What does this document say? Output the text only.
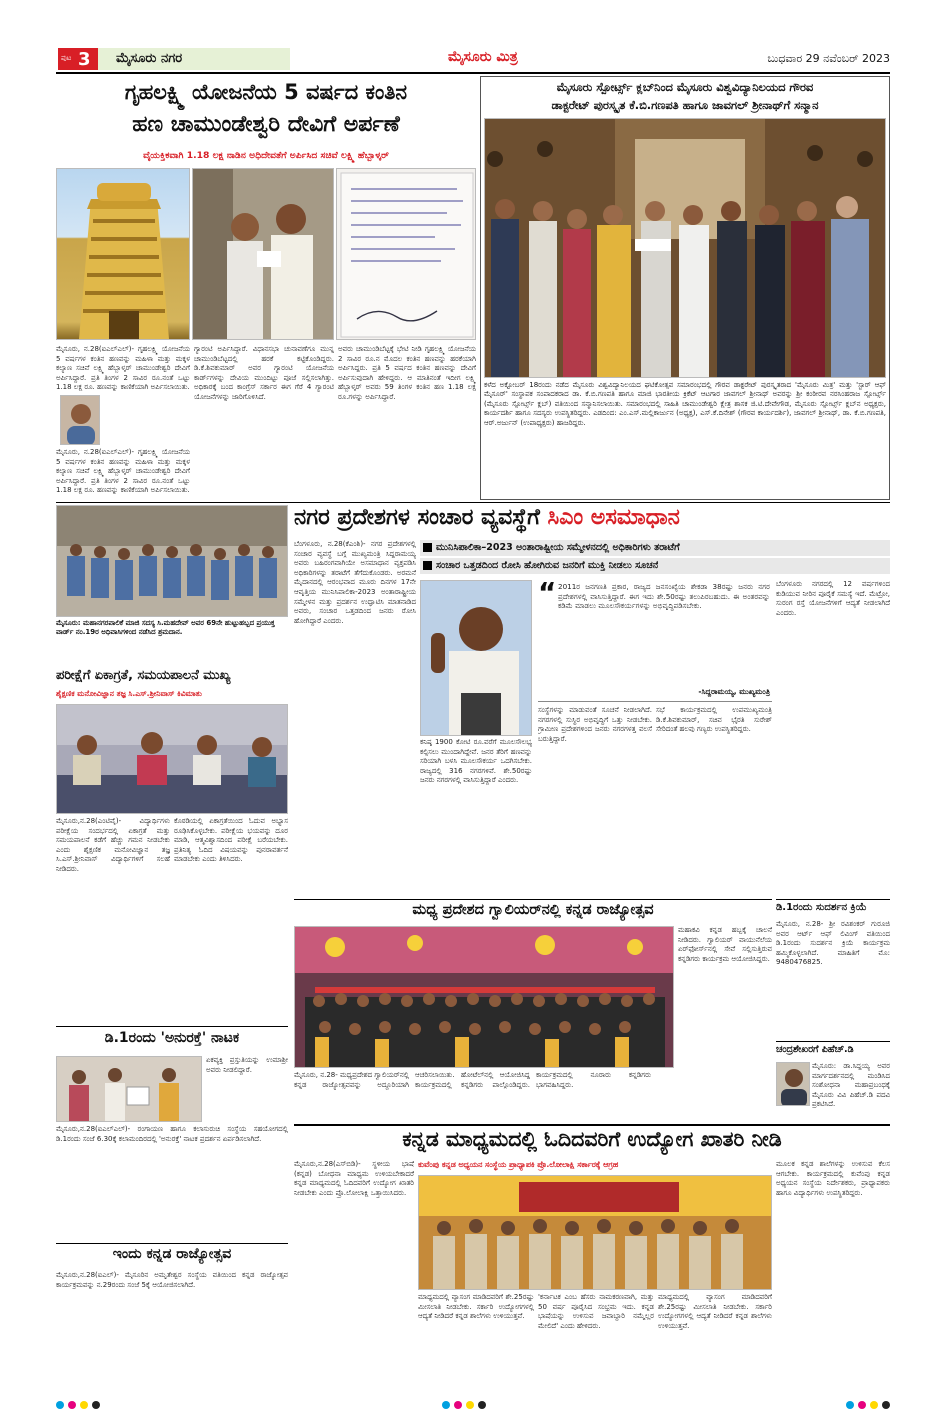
ಪುಟ 3 ಮೈಸೂರು ನಗರ	ಮೈಸೂರು ಮಿತ್ರ	ಬುಧವಾರ 29 ನವೆಂಬರ್ 2023
ಗೃಹಲಕ್ಷ್ಮಿ ಯೋಜನೆಯ 5 ವರ್ಷದ ಕಂತಿನ
ಹಣ ಚಾಮುಂಡೇಶ್ವರಿ ದೇವಿಗೆ ಅರ್ಪಣೆ
ವೈಯಕ್ತಿಕವಾಗಿ 1.18 ಲಕ್ಷ ನಾಡಿನ ಅಧಿದೇವತೆಗೆ ಅರ್ಪಿಸಿದ ಸಚಿವೆ ಲಕ್ಷ್ಮಿ ಹೆಬ್ಬಾಳ್ಕರ್
ಮೈಸೂರು, ನ.28(ಐಎಲ್‌ಎಲ್)- ಗೃಹಲಕ್ಷ್ಮಿ ಯೋಜನೆಯ 5 ವರ್ಷಗಳ ಕಂತಿನ ಹಣವನ್ನು ಮಹಿಳಾ ಮತ್ತು ಮಕ್ಕಳ ಕಲ್ಯಾಣ ಸಚಿವೆ ಲಕ್ಷ್ಮಿ ಹೆಬ್ಬಾಳ್ಕರ್ ಚಾಮುಂಡೇಶ್ವರಿ ದೇವಿಗೆ ಅರ್ಪಿಸಿದ್ದಾರೆ. ಪ್ರತಿ ತಿಂಗಳ 2 ಸಾವಿರ ರೂ.ನಂತೆ ಒಟ್ಟು 1.18 ಲಕ್ಷ ರೂ. ಹಣವನ್ನು ಕಾಣಿಕೆಯಾಗಿ ಅರ್ಪಿಸಲಾಯಿತು.
ಮೈಸೂರು, ನ.28(ಐಎಲ್‌ಎಲ್)- ಗೃಹಲಕ್ಷ್ಮಿ ಯೋಜನೆಯ 5 ವರ್ಷಗಳ ಕಂತಿನ ಹಣವನ್ನು ಮಹಿಳಾ ಮತ್ತು ಮಕ್ಕಳ ಕಲ್ಯಾಣ ಸಚಿವೆ ಲಕ್ಷ್ಮಿ ಹೆಬ್ಬಾಳ್ಕರ್ ಚಾಮುಂಡೇಶ್ವರಿ ದೇವಿಗೆ ಅರ್ಪಿಸಿದ್ದಾರೆ. ಪ್ರತಿ ತಿಂಗಳ 2 ಸಾವಿರ ರೂ.ನಂತೆ ಒಟ್ಟು 1.18 ಲಕ್ಷ ರೂ. ಹಣವನ್ನು ಕಾಣಿಕೆಯಾಗಿ ಅರ್ಪಿಸಲಾಯಿತು.
ಗ್ಯಾರಂಟಿ ಅರ್ಪಿಸಿದ್ದಾರೆ. ವಿಧಾನಸಭಾ ಚುನಾವಣೆಗೂ ಮುನ್ನ ಚಾಮುಂಡಿಬೆಟ್ಟದಲ್ಲಿ ಹರಕೆ ಕಟ್ಟಿಕೊಂಡಿದ್ದರು. ಡಿ.ಕೆ.ಶಿವಕುಮಾರ್ ಅವರ ಗ್ಯಾರಂಟಿ ಯೋಜನೆಯ ಕಾರ್ಡ್‌ಗಳನ್ನು ದೇವಿಯ ಮುಂದಿಟ್ಟು ಪೂಜೆ ಸಲ್ಲಿಸಲಾಗಿತ್ತು. ಅಧಿಕಾರಕ್ಕೆ ಬಂದ ಕಾಂಗ್ರೆಸ್ ಸರ್ಕಾರ ಈಗ ಗೆರೆ 4 ಗ್ಯಾರಂಟಿ ಯೋಜನೆಗಳನ್ನು ಜಾರಿಗೊಳಿಸಿದೆ.
ಅವರು ಚಾಮುಂಡಿಬೆಟ್ಟಕ್ಕೆ ಭೇಟಿ ನೀಡಿ ಗೃಹಲಕ್ಷ್ಮಿ ಯೋಜನೆಯ 2 ಸಾವಿರ ರೂ.ನ ಮೊದಲ ಕಂತಿನ ಹಣವನ್ನು ಹರಕೆಯಾಗಿ ಅರ್ಪಿಸಿದ್ದರು. ಪ್ರತಿ 5 ವರ್ಷದ ಕಂತಿನ ಹಣವನ್ನು ದೇವಿಗೆ ಅರ್ಪಿಸುವುದಾಗಿ ಹೇಳಿದ್ದರು. ಆ ಮಾತಿನಂತೆ ಇದೀಗ ಲಕ್ಷ್ಮಿ ಹೆಬ್ಬಾಳ್ಕರ್ ಅವರು 59 ತಿಂಗಳ ಕಂತಿನ ಹಣ 1.18 ಲಕ್ಷ ರೂ.ಗಳನ್ನು ಅರ್ಪಿಸಿದ್ದಾರೆ.
ಮೈಸೂರು ಸ್ಪೋರ್ಟ್ಸ್ ಕ್ಲಬ್‌ನಿಂದ ಮೈಸೂರು ವಿಶ್ವವಿದ್ಯಾನಿಲಯದ ಗೌರವ
ಡಾಕ್ಟರೇಟ್ ಪುರಸ್ಕೃತ ಕೆ.ಬಿ.ಗಣಪತಿ ಹಾಗೂ ಜಾವಗಲ್ ಶ್ರೀನಾಥ್‌ಗೆ ಸನ್ಮಾನ
ಕಳೆದ ಅಕ್ಟೋಬರ್ 18ರಂದು ನಡೆದ ಮೈಸೂರು ವಿಶ್ವವಿದ್ಯಾನಿಲಯದ ಘಟಿಕೋತ್ಸವ ಸಮಾರಂಭದಲ್ಲಿ ಗೌರವ ಡಾಕ್ಟರೇಟ್ ಪುರಸ್ಕೃತರಾದ 'ಮೈಸೂರು ಮಿತ್ರ' ಮತ್ತು 'ಸ್ಟಾರ್ ಆಫ್ ಮೈಸೂರ್' ಸಂಸ್ಥಾಪಕ ಸಂಪಾದಕರಾದ ಡಾ. ಕೆ.ಬಿ.ಗಣಪತಿ ಹಾಗೂ ಮಾಜಿ ಭಾರತೀಯ ಕ್ರಿಕೆಟ್ ಆಟಗಾರ ಜಾವಗಲ್ ಶ್ರೀನಾಥ್ ಅವರನ್ನು ಶ್ರೀ ಕಂಠೀರವ ನರಸಿಂಹರಾಜ ಸ್ಪೋರ್ಟ್ಸ್ (ಮೈಸೂರು ಸ್ಪೋರ್ಟ್ಸ್ ಕ್ಲಬ್) ವತಿಯಿಂದ ಸನ್ಮಾನಿಸಲಾಯಿತು. ಸಮಾರಂಭದಲ್ಲಿ ಸಾಹಿತಿ ಚಾಮುಂಡೇಶ್ವರಿ ಕ್ಷೇತ್ರ ಶಾಸಕ ಜಿ.ಟಿ.ದೇವೇಗೌಡ, ಮೈಸೂರು ಸ್ಪೋರ್ಟ್ಸ್ ಕ್ಲಬ್‌ನ ಅಧ್ಯಕ್ಷರು, ಕಾರ್ಯದರ್ಶಿ ಹಾಗೂ ಸದಸ್ಯರು ಉಪಸ್ಥಿತರಿದ್ದರು. ಎಡದಿಂದ: ಎಂ.ಎಸ್.ಮಲ್ಲಿಕಾರ್ಜುನ (ಅಧ್ಯಕ್ಷ), ಎಸ್.ಕೆ.ದಿನೇಶ್ (ಗೌರವ ಕಾರ್ಯದರ್ಶಿ), ಜಾವಗಲ್ ಶ್ರೀನಾಥ್, ಡಾ. ಕೆ.ಬಿ.ಗಣಪತಿ, ಆರ್.ಅರ್ಜುನ್ (ಉಪಾಧ್ಯಕ್ಷರು) ಹಾಜರಿದ್ದರು.
ಮೈಸೂರು: ಮಹಾನಗರಪಾಲಿಕೆ ಮಾಜಿ ಸದಸ್ಯ ಸಿ.ಮಹದೇವ್ ಅವರ 69ನೇ ಹುಟ್ಟುಹಬ್ಬದ ಪ್ರಯುಕ್ತ ವಾರ್ಡ್ ನಂ.19ರ ಅಧಿವಾಸಿಗಳಿಂದ ನಡೆಸಿದ ಶ್ರಮದಾನ.
ನಗರ ಪ್ರದೇಶಗಳ ಸಂಚಾರ ವ್ಯವಸ್ಥೆಗೆ ಸಿಎಂ ಅಸಮಾಧಾನ
ಮುನಿಸಿಪಾಲಿಕಾ–2023 ಅಂತಾರಾಷ್ಟ್ರೀಯ ಸಮ್ಮೇಳನದಲ್ಲಿ ಅಧಿಕಾರಿಗಳು ತರಾಟೆಗೆ
ಸಂಚಾರ ಒತ್ತಡದಿಂದ ರೋಸಿ ಹೋಗಿರುವ ಜನರಿಗೆ ಮುಕ್ತಿ ನೀಡಲು ಸೂಚನೆ
ಬೆಂಗಳೂರು, ನ.28(ಕೆಎಂಶಿ)- ನಗರ ಪ್ರದೇಶಗಳಲ್ಲಿ ಸಂಚಾರ ವ್ಯವಸ್ಥೆ ಬಗ್ಗೆ ಮುಖ್ಯಮಂತ್ರಿ ಸಿದ್ದರಾಮಯ್ಯ ಅವರು ಬಹಿರಂಗವಾಗಿಯೇ ಅಸಮಾಧಾನ ವ್ಯಕ್ತಪಡಿಸಿ ಅಧಿಕಾರಿಗಳನ್ನು ತರಾಟೆಗೆ ತೆಗೆದುಕೊಂಡರು. ಅರಮನೆ ಮೈದಾನದಲ್ಲಿ ಆರಂಭವಾದ ಮೂರು ದಿನಗಳ 17ನೇ ಆವೃತ್ತಿಯ ಮುನಿಸಿಪಾಲಿಕಾ-2023 ಅಂತಾರಾಷ್ಟ್ರೀಯ ಸಮ್ಮೇಳನ ಮತ್ತು ಪ್ರದರ್ಶನ ಉದ್ಘಾಟಿಸಿ ಮಾತನಾಡಿದ ಅವರು, ಸಂಚಾರ ಒತ್ತಡದಿಂದ ಜನರು ರೋಸಿ ಹೋಗಿದ್ದಾರೆ ಎಂದರು.
ಕನಿಷ್ಠ 1900 ಕೋಟಿ ರೂ.ವರೆಗೆ ಮೂಲಸೌಲಭ್ಯ ಕಲ್ಪಿಸಲು ಮುಂದಾಗಿದ್ದೇವೆ. ಜನರ ತೆರಿಗೆ ಹಣವನ್ನು ಸರಿಯಾಗಿ ಬಳಸಿ ಮೂಲಸೌಕರ್ಯ ಒದಗಿಸಬೇಕು. ರಾಜ್ಯದಲ್ಲಿ 316 ನಗರಗಳಿವೆ. ಶೇ.50ರಷ್ಟು ಜನರು ನಗರಗಳಲ್ಲಿ ವಾಸಿಸುತ್ತಿದ್ದಾರೆ ಎಂದರು.
“ 2011ರ ಜನಗಣತಿ ಪ್ರಕಾರ, ರಾಜ್ಯದ ಜನಸಂಖ್ಯೆಯ ಶೇಕಡಾ 38ರಷ್ಟು ಜನರು ನಗರ ಪ್ರದೇಶಗಳಲ್ಲಿ ವಾಸಿಸುತ್ತಿದ್ದಾರೆ. ಈಗ ಇದು ಶೇ.50ರಷ್ಟು ತಲುಪಿರಬಹುದು. ಈ ಅಂತರವನ್ನು ಕಡಿಮೆ ಮಾಡಲು ಮೂಲಸೌಕರ್ಯಗಳನ್ನು ಅಭಿವೃದ್ಧಿಪಡಿಸಬೇಕು.
-ಸಿದ್ದರಾಮಯ್ಯ, ಮುಖ್ಯಮಂತ್ರಿ
ಸಂಸ್ಥೆಗಳನ್ನು ಮಾಡುವಂತೆ ಸೂಚನೆ ನೀಡಲಾಗಿದೆ. ನಗರಗಳಲ್ಲಿ ಸುಸ್ಥಿರ ಅಭಿವೃದ್ಧಿಗೆ ಒತ್ತು ನೀಡಬೇಕು. ಗ್ರಾಮೀಣ ಪ್ರದೇಶಗಳಿಂದ ಜನರು ನಗರಗಳತ್ತ ವಲಸೆ ಬರುತ್ತಿದ್ದಾರೆ.
ಸಭೆ ಕಾರ್ಯಕ್ರಮದಲ್ಲಿ ಉಪಮುಖ್ಯಮಂತ್ರಿ ಡಿ.ಕೆ.ಶಿವಕುಮಾರ್, ಸಚಿವ ಭೈರತಿ ಸುರೇಶ್ ಸೇರಿದಂತೆ ಹಲವು ಗಣ್ಯರು ಉಪಸ್ಥಿತರಿದ್ದರು.
ಬೆಂಗಳೂರು ನಗರದಲ್ಲಿ 12 ವರ್ಷಗಳಿಂದ ಕುಡಿಯುವ ನೀರಿನ ಪೂರೈಕೆ ಸಮಸ್ಯೆ ಇದೆ. ಮೆಟ್ರೋ, ಸುರಂಗ ರಸ್ತೆ ಯೋಜನೆಗಳಿಗೆ ಆದ್ಯತೆ ನೀಡಲಾಗಿದೆ ಎಂದರು.
ಪರೀಕ್ಷೆಗೆ ಏಕಾಗ್ರತೆ, ಸಮಯಪಾಲನೆ ಮುಖ್ಯ
ಶೈಕ್ಷಣಿಕ ಮನೋವಿಜ್ಞಾನ ತಜ್ಞ ಸಿ.ಎಸ್.ಶ್ರೀನಿವಾಸ್ ಕಿವಿಮಾತು
ಮೈಸೂರು,ನ.28(ಎಂಟಿವೈ)- ವಿದ್ಯಾರ್ಥಿಗಳು ಪರೀಕ್ಷೆಯ ಸಂದರ್ಭದಲ್ಲಿ ಏಕಾಗ್ರತೆ ಮತ್ತು ಸಮಯಪಾಲನೆ ಕಡೆಗೆ ಹೆಚ್ಚು ಗಮನ ನೀಡಬೇಕು ಎಂದು ಶೈಕ್ಷಣಿಕ ಮನೋವಿಜ್ಞಾನ ತಜ್ಞ ಸಿ.ಎಸ್.ಶ್ರೀನಿವಾಸ್ ವಿದ್ಯಾರ್ಥಿಗಳಿಗೆ ಸಲಹೆ ನೀಡಿದರು.
ಕೊಠಡಿಯಲ್ಲಿ ಏಕಾಗ್ರತೆಯಿಂದ ಓದುವ ಅಭ್ಯಾಸ ರೂಢಿಸಿಕೊಳ್ಳಬೇಕು. ಪರೀಕ್ಷೆಯ ಭಯವನ್ನು ದೂರ ಮಾಡಿ, ಆತ್ಮವಿಶ್ವಾಸದಿಂದ ಪರೀಕ್ಷೆ ಬರೆಯಬೇಕು. ಪ್ರತಿನಿತ್ಯ ಓದಿದ ವಿಷಯವನ್ನು ಪುನರಾವರ್ತನೆ ಮಾಡಬೇಕು ಎಂದು ತಿಳಿಸಿದರು.
ಡಿ.1ರಂದು 'ಅನುರಕ್ತೆ' ನಾಟಕ
ಏಕವ್ಯಕ್ತಿ ಪ್ರಸ್ತುತಿಯನ್ನು ಉಮಾಶ್ರೀ ಅವರು ನೀಡಲಿದ್ದಾರೆ.
ಮೈಸೂರು,ನ.28(ಐಎಲ್‌ಎಲ್)- ರಂಗಾಯಣ ಹಾಗೂ ಕಲಾಸುರುಚಿ ಸಂಸ್ಥೆಯ ಸಹಯೋಗದಲ್ಲಿ ಡಿ.1ರಂದು ಸಂಜೆ 6.30ಕ್ಕೆ ಕಲಾಮಂದಿರದಲ್ಲಿ 'ಅನುರಕ್ತೆ' ನಾಟಕ ಪ್ರದರ್ಶನ ಏರ್ಪಡಿಸಲಾಗಿದೆ.
ಇಂದು ಕನ್ನಡ ರಾಜ್ಯೋತ್ಸವ
ಮೈಸೂರು,ನ.28(ಐಎಲ್)- ಮೈಸೂರಿನ ಅಮೃತೇಶ್ವರ ಸಂಸ್ಥೆಯ ವತಿಯಿಂದ ಕನ್ನಡ ರಾಜ್ಯೋತ್ಸವ ಕಾರ್ಯಕ್ರಮವನ್ನು ನ.29ರಂದು ಸಂಜೆ 5ಕ್ಕೆ ಆಯೋಜಿಸಲಾಗಿದೆ.
ಮಧ್ಯ ಪ್ರದೇಶದ ಗ್ವಾಲಿಯರ್‌ನಲ್ಲಿ ಕನ್ನಡ ರಾಜ್ಯೋತ್ಸವ
ಮಹಾಕವಿ ಕನ್ನಡ ಹಬ್ಬಕ್ಕೆ ಚಾಲನೆ ನೀಡಿದರು. ಗ್ವಾಲಿಯರ್ ವಾಯುನೆಲೆಯ ಏರ್‌ಫೋರ್ಸ್‌ನಲ್ಲಿ ಸೇವೆ ಸಲ್ಲಿಸುತ್ತಿರುವ ಕನ್ನಡಿಗರು ಕಾರ್ಯಕ್ರಮ ಆಯೋಜಿಸಿದ್ದರು.
ಮೈಸೂರು, ನ.28- ಮಧ್ಯಪ್ರದೇಶದ ಗ್ವಾಲಿಯರ್‌ನಲ್ಲಿ ಕನ್ನಡ ರಾಜ್ಯೋತ್ಸವವನ್ನು ಅದ್ದೂರಿಯಾಗಿ ಆಚರಿಸಲಾಯಿತು. ಹೋಟೆಲ್‌ನಲ್ಲಿ ಆಯೋಜಿಸಿದ್ದ ಕಾರ್ಯಕ್ರಮದಲ್ಲಿ ಕನ್ನಡಿಗರು ಪಾಲ್ಗೊಂಡಿದ್ದರು. ಕಾರ್ಯಕ್ರಮದಲ್ಲಿ ನೂರಾರು ಕನ್ನಡಿಗರು ಭಾಗವಹಿಸಿದ್ದರು.
ಡಿ.1ರಂದು ಸುದರ್ಶನ ಕ್ರಿಯೆ
ಮೈಸೂರು, ನ.28- ಶ್ರೀ ರವಿಶಂಕರ್ ಗುರೂಜಿ ಅವರ ಆರ್ಟ್ ಆಫ್ ಲಿವಿಂಗ್ ವತಿಯಿಂದ ಡಿ.1ರಂದು ಸುದರ್ಶನ ಕ್ರಿಯೆ ಕಾರ್ಯಕ್ರಮ ಹಮ್ಮಿಕೊಳ್ಳಲಾಗಿದೆ. ಮಾಹಿತಿಗೆ ಮೊ: 9480476825.
ಚಂದ್ರಶೇಖರಗೆ ಪಿಹೆಚ್.ಡಿ
ಮೈಸೂರು: ಡಾ.ಸಿದ್ದಯ್ಯ ಅವರ ಮಾರ್ಗದರ್ಶನದಲ್ಲಿ ಮಂಡಿಸಿದ ಸಂಶೋಧನಾ ಮಹಾಪ್ರಬಂಧಕ್ಕೆ ಮೈಸೂರು ವಿವಿ ಪಿಹೆಚ್.ಡಿ ಪದವಿ ಪ್ರಕಟಿಸಿದೆ.
ಕನ್ನಡ ಮಾಧ್ಯಮದಲ್ಲಿ ಓದಿದವರಿಗೆ ಉದ್ಯೋಗ ಖಾತರಿ ನೀಡಿ
ಮೈಸೂರು,ನ.28(ಎಸ್‌ಬಿಡಿ)- ಸ್ಥಳೀಯ ಭಾಷೆ (ಕನ್ನಡ) ಬೋಧನಾ ಮಾಧ್ಯಮ ಉಳಿಯಬೇಕಾದರೆ ಕನ್ನಡ ಮಾಧ್ಯಮದಲ್ಲಿ ಓದಿದವರಿಗೆ ಉದ್ಯೋಗ ಖಾತರಿ ನೀಡಬೇಕು ಎಂದು ಪ್ರೊ.ಲೋಲಾಕ್ಷಿ ಒತ್ತಾಯಿಸಿದರು.
ಕುವೆಂಪು ಕನ್ನಡ ಅಧ್ಯಯನ ಸಂಸ್ಥೆಯ ಪ್ರಾಧ್ಯಾಪಕಿ ಪ್ರೊ.ಲೋಲಾಕ್ಷಿ ಸರ್ಕಾರಕ್ಕೆ ಆಗ್ರಹ
ಮಾಧ್ಯಮದಲ್ಲಿ ವ್ಯಾಸಂಗ ಮಾಡಿದವರಿಗೆ ಶೇ.25ರಷ್ಟು ಮೀಸಲಾತಿ ನೀಡಬೇಕು. ಸರ್ಕಾರಿ ಉದ್ಯೋಗಗಳಲ್ಲಿ ಆದ್ಯತೆ ನೀಡಿದರೆ ಕನ್ನಡ ಶಾಲೆಗಳು ಉಳಿಯುತ್ತವೆ.
'ಕರ್ನಾಟಕ ಎಂಬ ಹೆಸರು ನಾಮಕರಣವಾಗಿ, ಮತ್ತು 50 ವರ್ಷ ಪೂರೈಸಿದ ಸಂಭ್ರಮ ಇದು. ಕನ್ನಡ ಭಾಷೆಯನ್ನು ಉಳಿಸುವ ಜವಾಬ್ದಾರಿ ನಮ್ಮೆಲ್ಲರ ಮೇಲಿದೆ' ಎಂದು ಹೇಳಿದರು.
ಮಾಧ್ಯಮದಲ್ಲಿ ವ್ಯಾಸಂಗ ಮಾಡಿದವರಿಗೆ ಶೇ.25ರಷ್ಟು ಮೀಸಲಾತಿ ನೀಡಬೇಕು. ಸರ್ಕಾರಿ ಉದ್ಯೋಗಗಳಲ್ಲಿ ಆದ್ಯತೆ ನೀಡಿದರೆ ಕನ್ನಡ ಶಾಲೆಗಳು ಉಳಿಯುತ್ತವೆ.
ಮೂಲಕ ಕನ್ನಡ ಶಾಲೆಗಳನ್ನು ಉಳಿಸುವ ಕೆಲಸ ಆಗಬೇಕು. ಕಾರ್ಯಕ್ರಮದಲ್ಲಿ ಕುವೆಂಪು ಕನ್ನಡ ಅಧ್ಯಯನ ಸಂಸ್ಥೆಯ ನಿರ್ದೇಶಕರು, ಪ್ರಾಧ್ಯಾಪಕರು ಹಾಗೂ ವಿದ್ಯಾರ್ಥಿಗಳು ಉಪಸ್ಥಿತರಿದ್ದರು.
